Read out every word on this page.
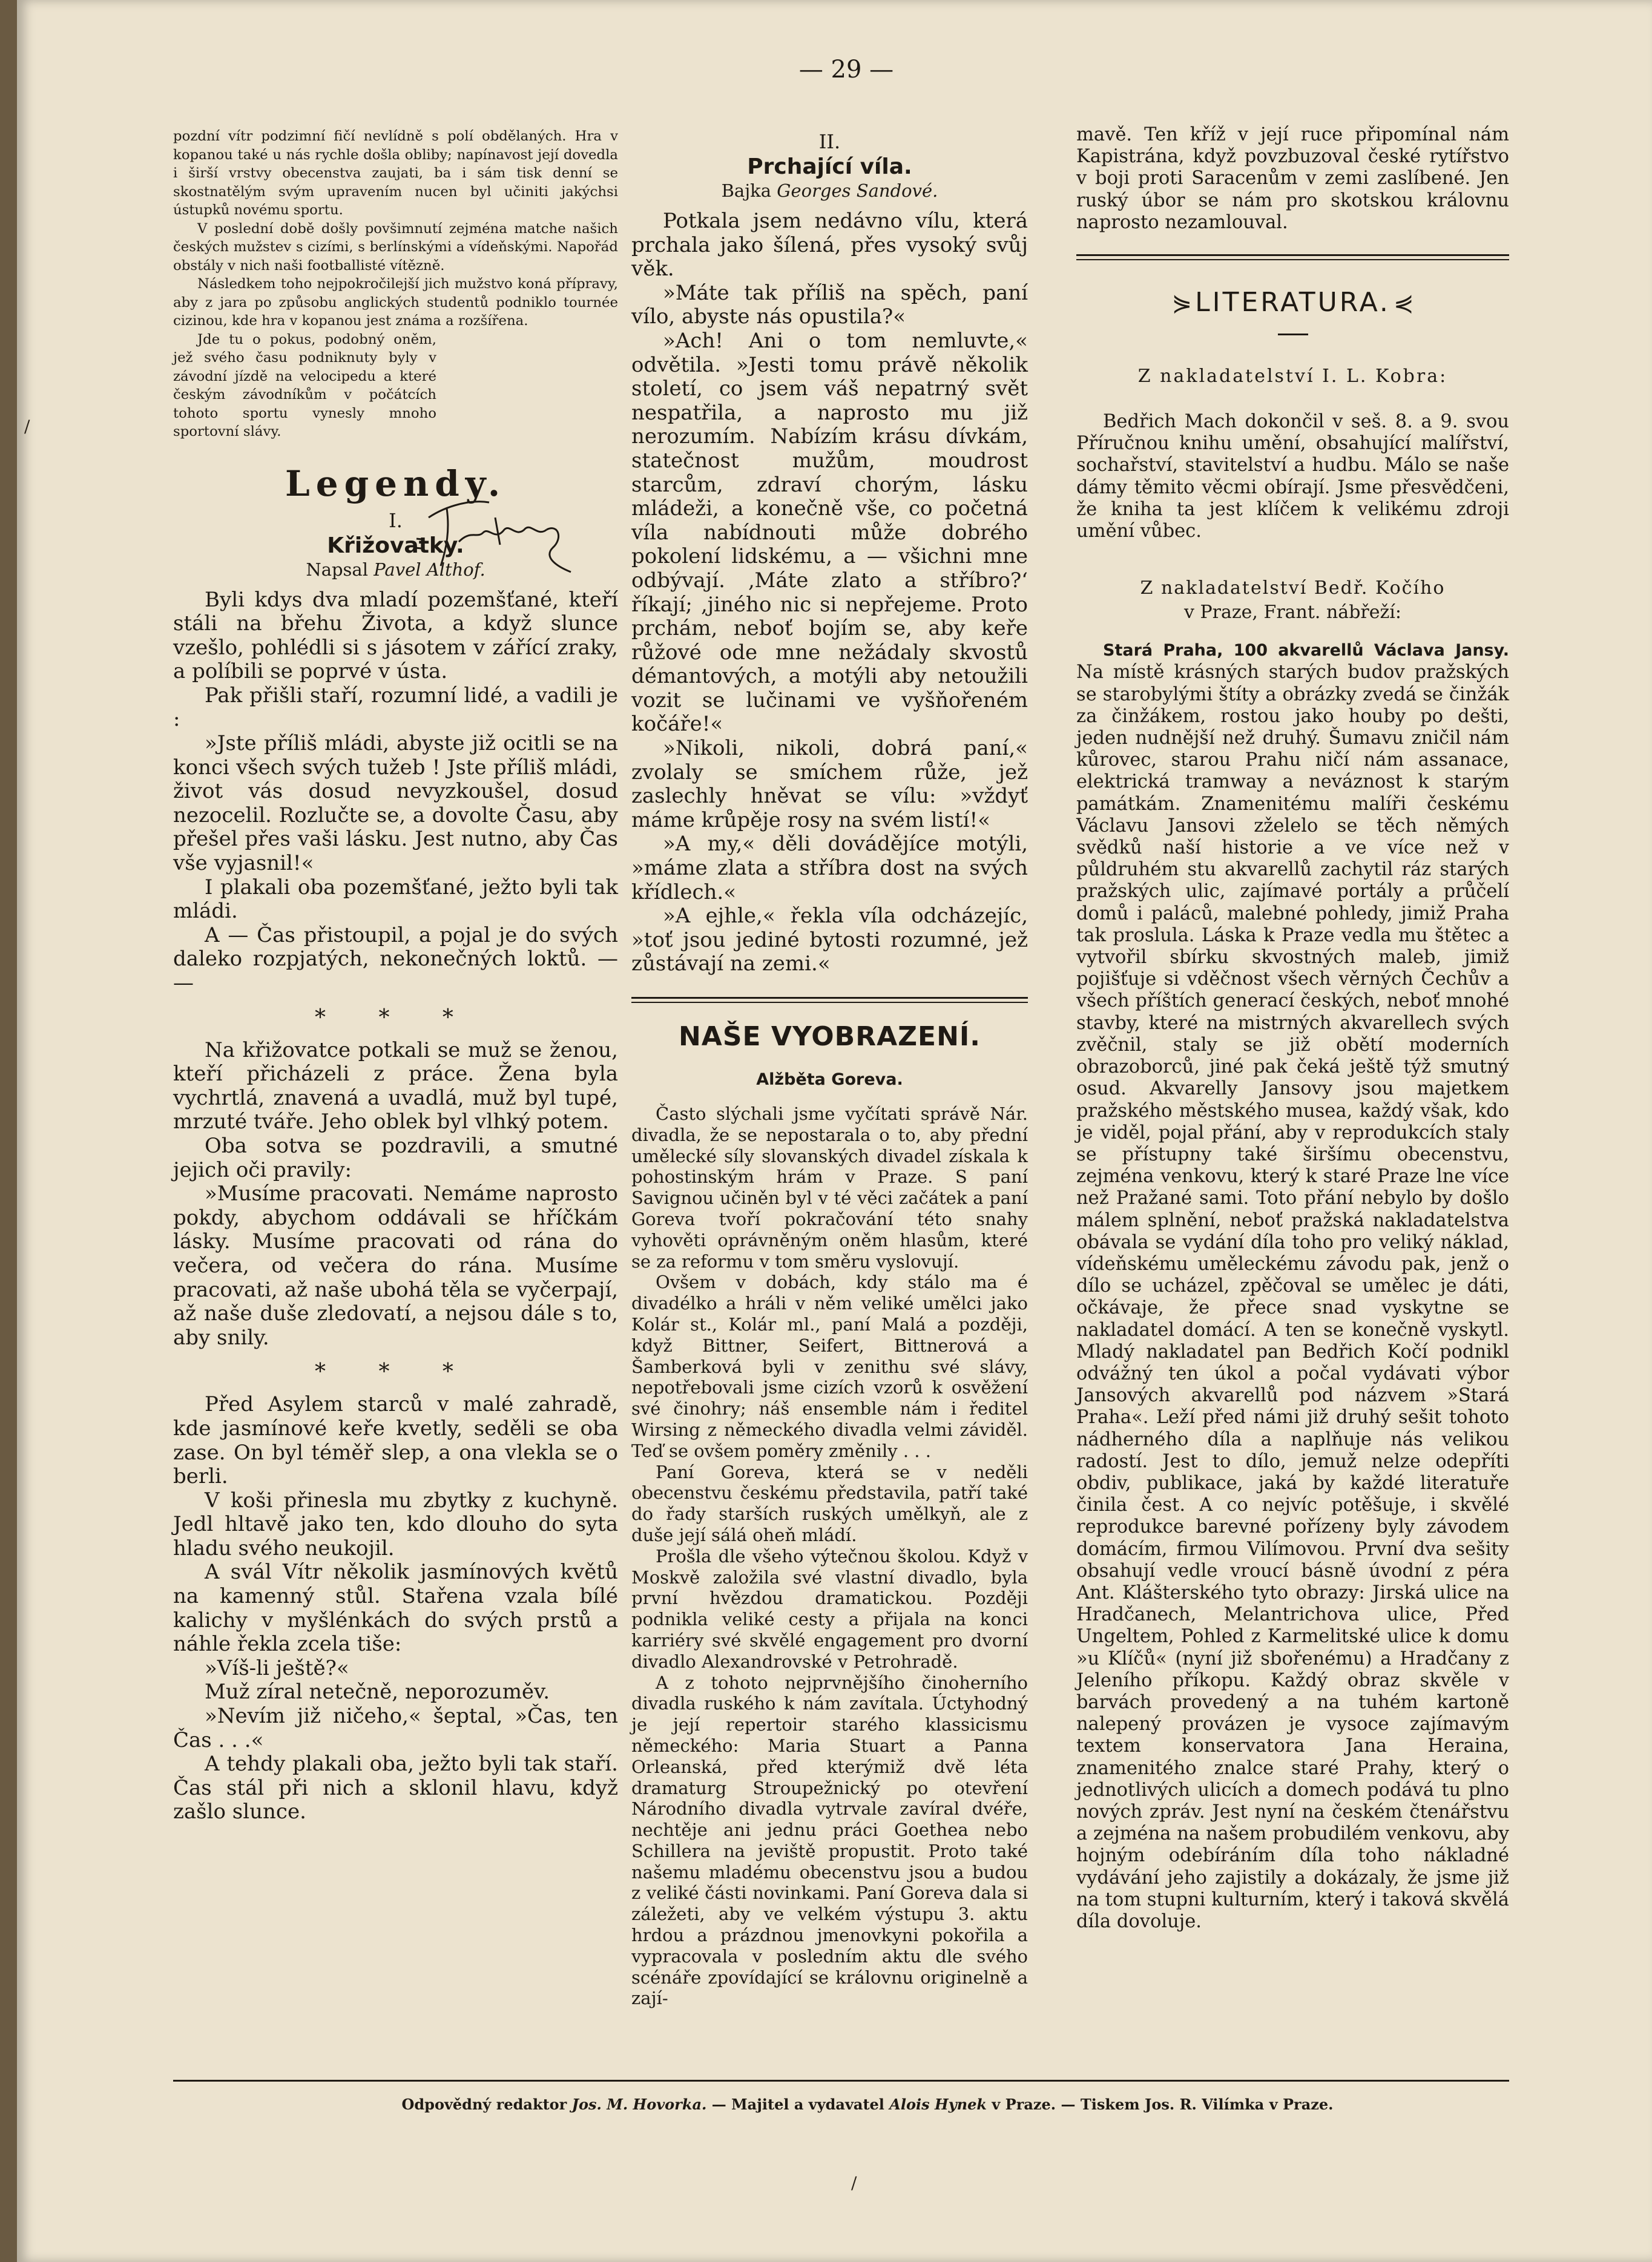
— 29 —
/
/

pozdní vítr podzimní fičí nevlídně s polí obdělaných. Hra v kopanou také u nás rychle došla obliby; napínavost její dovedla i širší vrstvy obecenstva zaujati, ba i sám tisk denní se skostnatělým svým upravením nucen byl učiniti jakýchsi ústupků novému sportu.

V poslední době došly povšimnutí zejména matche našich českých mužstev s cizími, s berlínskými a vídeňskými. Napořád obstály v nich naši footballisté vítězně.

Následkem toho nejpokročilejší jich mužstvo koná přípravy, aby z jara po způsobu anglických studentů podniklo tournée cizinou, kde hra v kopanou jest známa a rozšířena.

Jde tu o pokus, podobný oněm, jež svého času podniknuty byly v závodní jízdě na velocipedu a které českým závodníkům v počátcích tohoto sportu vynesly mnoho sportovní slávy.

Legendy.
I.
Křižovatky.
Napsal Pavel Althof.

Byli kdys dva mladí pozemšťané, kteří stáli na břehu Života, a když slunce vzešlo, pohlédli si s jásotem v zářící zraky, a políbili se poprvé v ústa.

Pak přišli staří, rozumní lidé, a vadili je :

»Jste příliš mládi, abyste již ocitli se na konci všech svých tužeb ! Jste příliš mládi, život vás dosud nevyzkoušel, dosud nezocelil. Rozlučte se, a dovolte Času, aby přešel přes vaši lásku. Jest nutno, aby Čas vše vyjasnil!«

I plakali oba pozemšťané, ježto byli tak mládi.

A — Čas přistoupil, a pojal je do svých daleko rozpjatých, nekonečných loktů. — —

* * *

Na křižovatce potkali se muž se ženou, kteří přicházeli z práce. Žena byla vychrtlá, znavená a uvadlá, muž byl tupé, mrzuté tváře. Jeho oblek byl vlhký potem.

Oba sotva se pozdravili, a smutné jejich oči pravily:

»Musíme pracovati. Nemáme naprosto pokdy, abychom oddávali se hříčkám lásky. Musíme pracovati od rána do večera, od večera do rána. Musíme pracovati, až naše ubohá těla se vyčerpají, až naše duše zledovatí, a nejsou dále s to, aby snily.

* * *

Před Asylem starců v malé zahradě, kde jasmínové keře kvetly, seděli se oba zase. On byl téměř slep, a ona vlekla se o berli.

V koši přinesla mu zbytky z kuchyně. Jedl hltavě jako ten, kdo dlouho do syta hladu svého neukojil.

A svál Vítr několik jasmínových květů na kamenný stůl. Stařena vzala bílé kalichy v myšlénkách do svých prstů a náhle řekla zcela tiše:

»Víš-li ještě?«

Muž zíral netečně, neporozuměv.

»Nevím již ničeho,« šeptal, »Čas, ten Čas . . .«

A tehdy plakali oba, ježto byli tak staří. Čas stál při nich a sklonil hlavu, když zašlo slunce.

II.
Prchající víla.
Bajka Georges Sandové.

Potkala jsem nedávno vílu, která prchala jako šílená, přes vysoký svůj věk.

»Máte tak příliš na spěch, paní vílo, abyste nás opustila?«

»Ach! Ani o tom nemluvte,« odvětila. »Jesti tomu právě několik století, co jsem váš nepatrný svět nespatřila, a naprosto mu již nerozumím. Nabízím krásu dívkám, statečnost mužům, moudrost starcům, zdraví chorým, lásku mládeži, a konečně vše, co početná víla nabídnouti může dobrého pokolení lidskému, a — všichni mne odbývají. ‚Máte zlato a stříbro?‘ říkají; ‚jiného nic si nepřejeme. Proto prchám, neboť bojím se, aby keře růžové ode mne nežádaly skvostů démantových, a motýli aby netoužili vozit se lučinami ve vyšňořeném kočáře!«

»Nikoli, nikoli, dobrá paní,« zvolaly se smíchem růže, jež zaslechly hněvat se vílu: »vždyť máme krůpěje rosy na svém listí!«

»A my,« děli dovádějíce motýli, »máme zlata a stříbra dost na svých křídlech.«

»A ejhle,« řekla víla odcházejíc, »toť jsou jediné bytosti rozumné, jež zůstávají na zemi.«

NAŠE VYOBRAZENÍ.
Alžběta Goreva.

Často slýchali jsme vyčítati správě Nár. divadla, že se nepostarala o to, aby přední umělecké síly slovanských divadel získala k pohostinským hrám v Praze. S paní Savignou učiněn byl v té věci začátek a paní Goreva tvoří pokračování této snahy vyhověti oprávněným oněm hlasům, které se za reformu v tom směru vyslovují.

Ovšem v dobách, kdy stálo ma é divadélko a hráli v něm veliké umělci jako Kolár st., Kolár ml., paní Malá a později, když Bittner, Seifert, Bittnerová a Šamberková byli v zenithu své slávy, nepotřebovali jsme cizích vzorů k osvěžení své činohry; náš ensemble nám i ředitel Wirsing z německého divadla velmi záviděl. Teď se ovšem poměry změnily . . .

Paní Goreva, která se v neděli obecenstvu českému představila, patří také do řady starších ruských umělkyň, ale z duše její sálá oheň mládí.

Prošla dle všeho výtečnou školou. Když v Moskvě založila své vlastní divadlo, byla první hvězdou dramatickou. Později podnikla veliké cesty a přijala na konci karriéry své skvělé engagement pro dvorní divadlo Alexandrovské v Petrohradě.

A z tohoto nejprvnějšího činoherního divadla ruského k nám zavítala. Úctyhodný je její repertoir starého klassicismu německého: Maria Stuart a Panna Orleanská, před kterýmiž dvě léta dramaturg Stroupežnický po otevření Národního divadla vytrvale zavíral dvéře, nechtěje ani jednu práci Goethea nebo Schillera na jeviště propustit. Proto také našemu mladému obecenstvu jsou a budou z veliké části novinkami. Paní Goreva dala si záležeti, aby ve velkém výstupu 3. aktu hrdou a prázdnou jmenovkyni pokořila a vypracovala v posledním aktu dle svého scénáře zpovídající se královnu originelně a zají-

mavě. Ten kříž v její ruce připomínal nám Kapistrána, když povzbuzoval české rytířstvo v boji proti Saracenům v zemi zaslíbené. Jen ruský úbor se nám pro skotskou královnu naprosto nezamlouval.

⋟ LITERATURA. ⋞
Z nakladatelství I. L. Kobra:

Bedřich Mach dokončil v seš. 8. a 9. svou Příručnou knihu umění, obsahující malířství, sochařství, stavitelství a hudbu. Málo se naše dámy těmito věcmi obírají. Jsme přesvědčeni, že kniha ta jest klíčem k velikému zdroji umění vůbec.

Z nakladatelství Bedř. Kočího
v Praze, Frant. nábřeží:

Stará Praha, 100 akvarellů Václava Jansy. Na místě krásných starých budov pražských se starobylými štíty a obrázky zvedá se činžák za činžákem, rostou jako houby po dešti, jeden nudnější než druhý. Šumavu zničil nám kůrovec, starou Prahu ničí nám assanace, elektrická tramway a neváznost k starým památkám. Znamenitému malíři českému Václavu Jansovi zželelo se těch němých svědků naší historie a ve více než v půldruhém stu akvarellů zachytil ráz starých pražských ulic, zajímavé portály a průčelí domů i paláců, malebné pohledy, jimiž Praha tak proslula. Láska k Praze vedla mu štětec a vytvořil sbírku skvostných maleb, jimiž pojišťuje si vděčnost všech věrných Čechův a všech příštích generací českých, neboť mnohé stavby, které na mistrných akvarellech svých zvěčnil, staly se již obětí moderních obrazoborců, jiné pak čeká ještě týž smutný osud. Akvarelly Jansovy jsou majetkem pražského městského musea, každý však, kdo je viděl, pojal přání, aby v reprodukcích staly se přístupny také širšímu obecenstvu, zejména venkovu, který k staré Praze lne více než Pražané sami. Toto přání nebylo by došlo málem splnění, neboť pražská nakladatelstva obávala se vydání díla toho pro veliký náklad, vídeňskému uměleckému závodu pak, jenž o dílo se ucházel, zpěčoval se umělec je dáti, očkávaje, že přece snad vyskytne se nakladatel domácí. A ten se konečně vyskytl. Mladý nakladatel pan Bedřich Kočí podnikl odvážný ten úkol a počal vydávati výbor Jansových akvarellů pod názvem »Stará Praha«. Leží před námi již druhý sešit tohoto nádherného díla a naplňuje nás velikou radostí. Jest to dílo, jemuž nelze odepříti obdiv, publikace, jaká by každé literatuře činila čest. A co nejvíc potěšuje, i skvělé reprodukce barevné pořízeny byly závodem domácím, firmou Vilímovou. První dva sešity obsahují vedle vroucí básně úvodní z péra Ant. Klášterského tyto obrazy: Jirská ulice na Hradčanech, Melantrichova ulice, Před Ungeltem, Pohled z Karmelitské ulice k domu »u Klíčů« (nyní již sbořenému) a Hradčany z Jeleního příkopu. Každý obraz skvěle v barvách provedený a na tuhém kartoně nalepený provázen je vysoce zajímavým textem konservatora Jana Heraina, znamenitého znalce staré Prahy, který o jednotlivých ulicích a domech podává tu plno nových zpráv. Jest nyní na českém čtenářstvu a zejména na našem probudilém venkovu, aby hojným odebíráním díla toho nákladné vydávání jeho zajistily a dokázaly, že jsme již na tom stupni kulturním, který i taková skvělá díla dovoluje.

Odpovědný redaktor Jos. M. Hovorka. — Majitel a vydavatel Alois Hynek v Praze. — Tiskem Jos. R. Vilímka v Praze.
